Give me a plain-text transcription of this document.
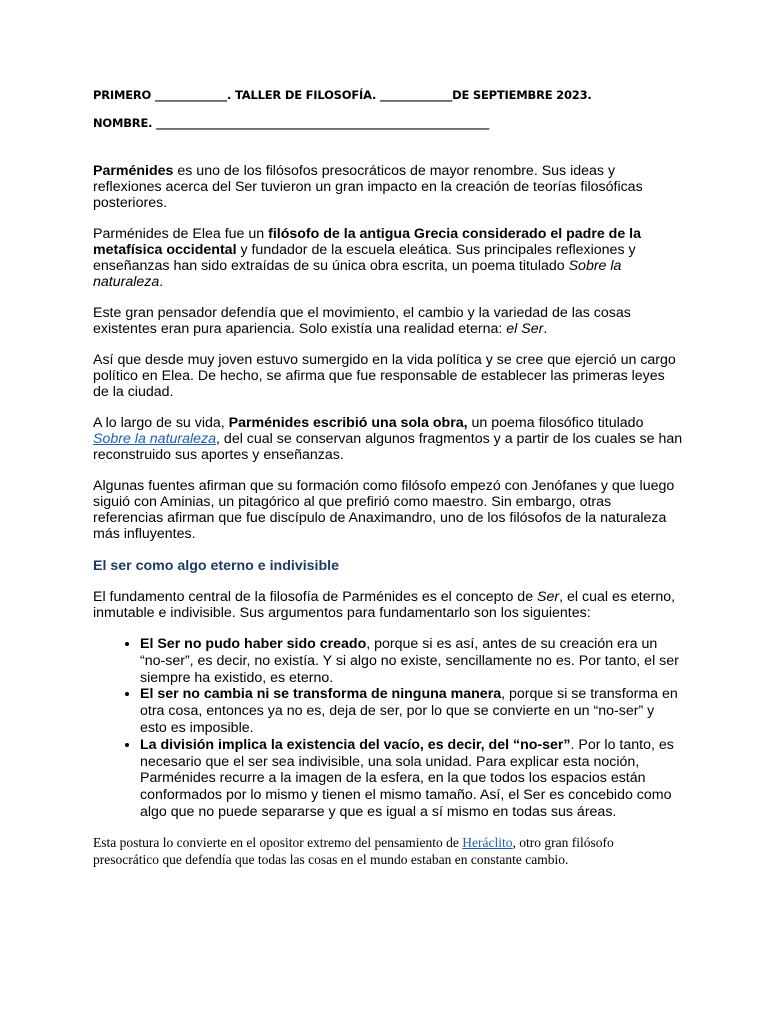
PRIMERO _____________. TALLER DE FILOSOFÍA. _____________DE SEPTIEMBRE 2023.

NOMBRE. ____________________________________________________________

Parménides es uno de los filósofos presocráticos de mayor renombre. Sus ideas y reflexiones acerca del Ser tuvieron un gran impacto en la creación de teorías filosóficas posteriores.

Parménides de Elea fue un filósofo de la antigua Grecia considerado el padre de la metafísica occidental y fundador de la escuela eleática. Sus principales reflexiones y enseñanzas han sido extraídas de su única obra escrita, un poema titulado Sobre la naturaleza.

Este gran pensador defendía que el movimiento, el cambio y la variedad de las cosas existentes eran pura apariencia. Solo existía una realidad eterna: el Ser.

Así que desde muy joven estuvo sumergido en la vida política y se cree que ejerció un cargo político en Elea. De hecho, se afirma que fue responsable de establecer las primeras leyes de la ciudad.

A lo largo de su vida, Parménides escribió una sola obra, un poema filosófico titulado Sobre la naturaleza, del cual se conservan algunos fragmentos y a partir de los cuales se han reconstruido sus aportes y enseñanzas.

Algunas fuentes afirman que su formación como filósofo empezó con Jenófanes y que luego siguió con Aminias, un pitagórico al que prefirió como maestro. Sin embargo, otras referencias afirman que fue discípulo de Anaximandro, uno de los filósofos de la naturaleza más influyentes.

El ser como algo eterno e indivisible

El fundamento central de la filosofía de Parménides es el concepto de Ser, el cual es eterno, inmutable e indivisible. Sus argumentos para fundamentarlo son los siguientes:

• El Ser no pudo haber sido creado, porque si es así, antes de su creación era un “no-ser”, es decir, no existía. Y si algo no existe, sencillamente no es. Por tanto, el ser siempre ha existido, es eterno.
• El ser no cambia ni se transforma de ninguna manera, porque si se transforma en otra cosa, entonces ya no es, deja de ser, por lo que se convierte en un “no-ser” y esto es imposible.
• La división implica la existencia del vacío, es decir, del “no-ser”. Por lo tanto, es necesario que el ser sea indivisible, una sola unidad. Para explicar esta noción, Parménides recurre a la imagen de la esfera, en la que todos los espacios están conformados por lo mismo y tienen el mismo tamaño. Así, el Ser es concebido como algo que no puede separarse y que es igual a sí mismo en todas sus áreas.

Esta postura lo convierte en el opositor extremo del pensamiento de Heráclito, otro gran filósofo presocrático que defendía que todas las cosas en el mundo estaban en constante cambio.
